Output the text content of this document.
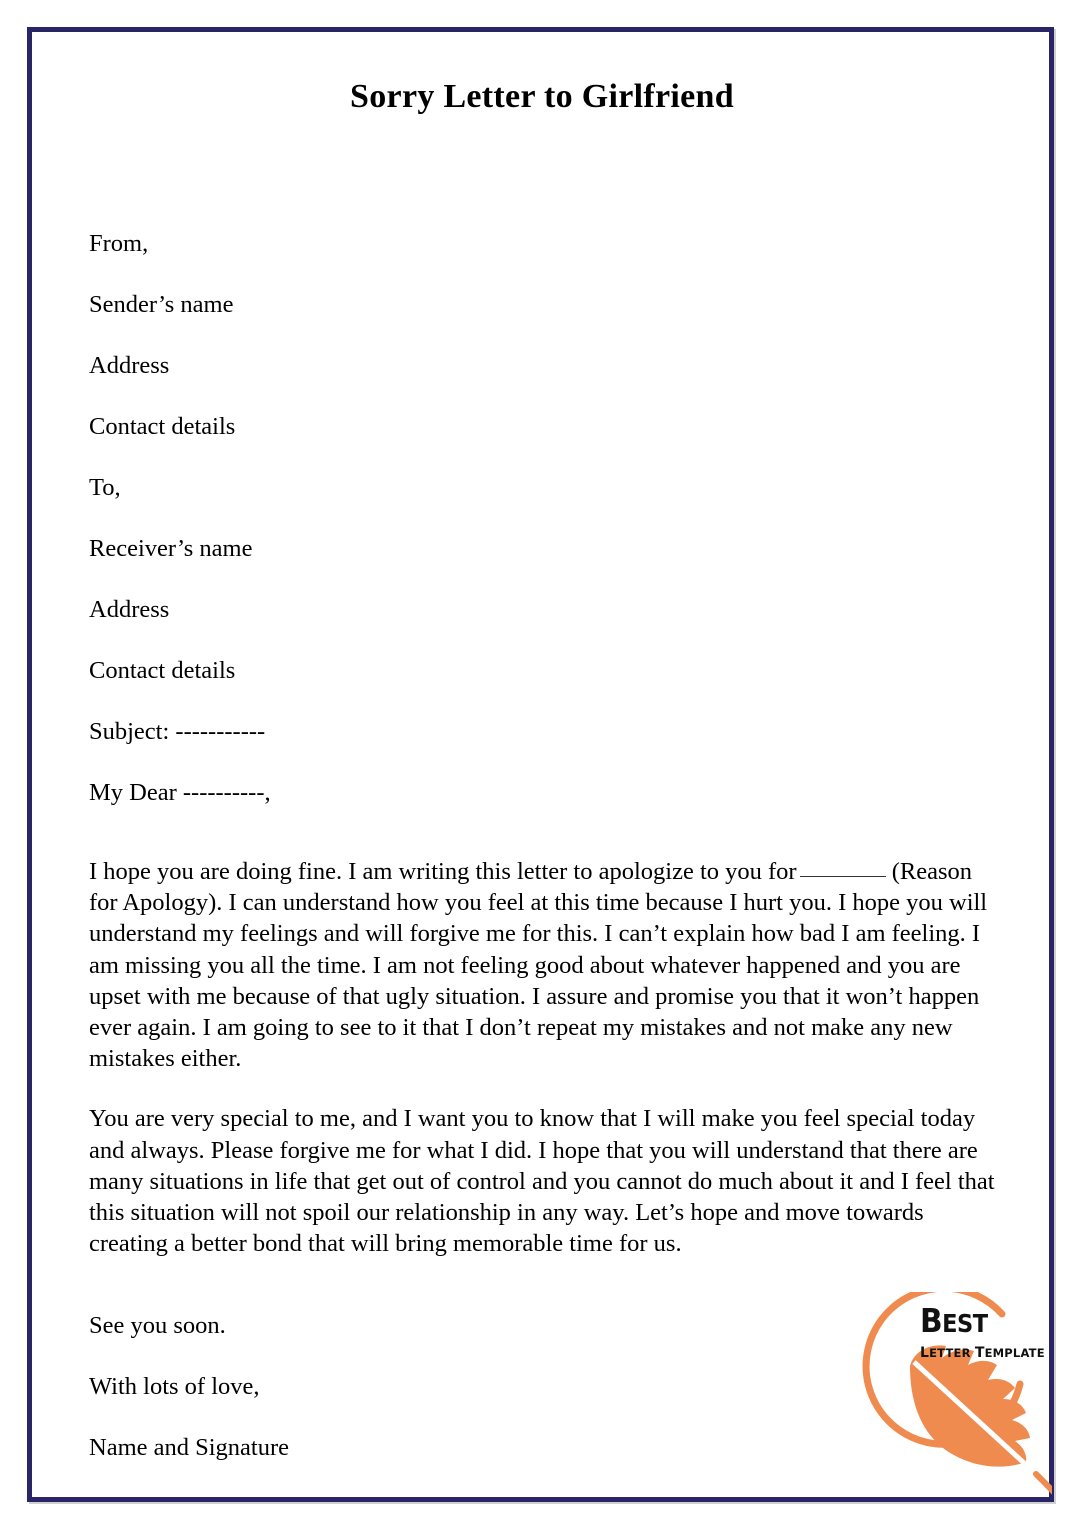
Sorry Letter to Girlfriend
From,
Sender’s name
Address
Contact details
To,
Receiver’s name
Address
Contact details
Subject: -----------
My Dear ----------,

I hope you are doing fine. I am writing this letter to apologize to you for	(Reason for Apology). I can understand how you feel at this time because I hurt you. I hope you will understand my feelings and will forgive me for this. I can’t explain how bad I am feeling. I am missing you all the time. I am not feeling good about whatever happened and you are upset with me because of that ugly situation. I assure and promise you that it won’t happen ever again. I am going to see to it that I don’t repeat my mistakes and not make any new mistakes either.

You are very special to me, and I want you to know that I will make you feel special today and always. Please forgive me for what I did. I hope that you will understand that there are many situations in life that get out of control and you cannot do much about it and I feel that this situation will not spoil our relationship in any way. Let’s hope and move towards creating a better bond that will bring memorable time for us.

See you soon.
With lots of love,
Name and Signature
BEST
LETTER TEMPLATE
